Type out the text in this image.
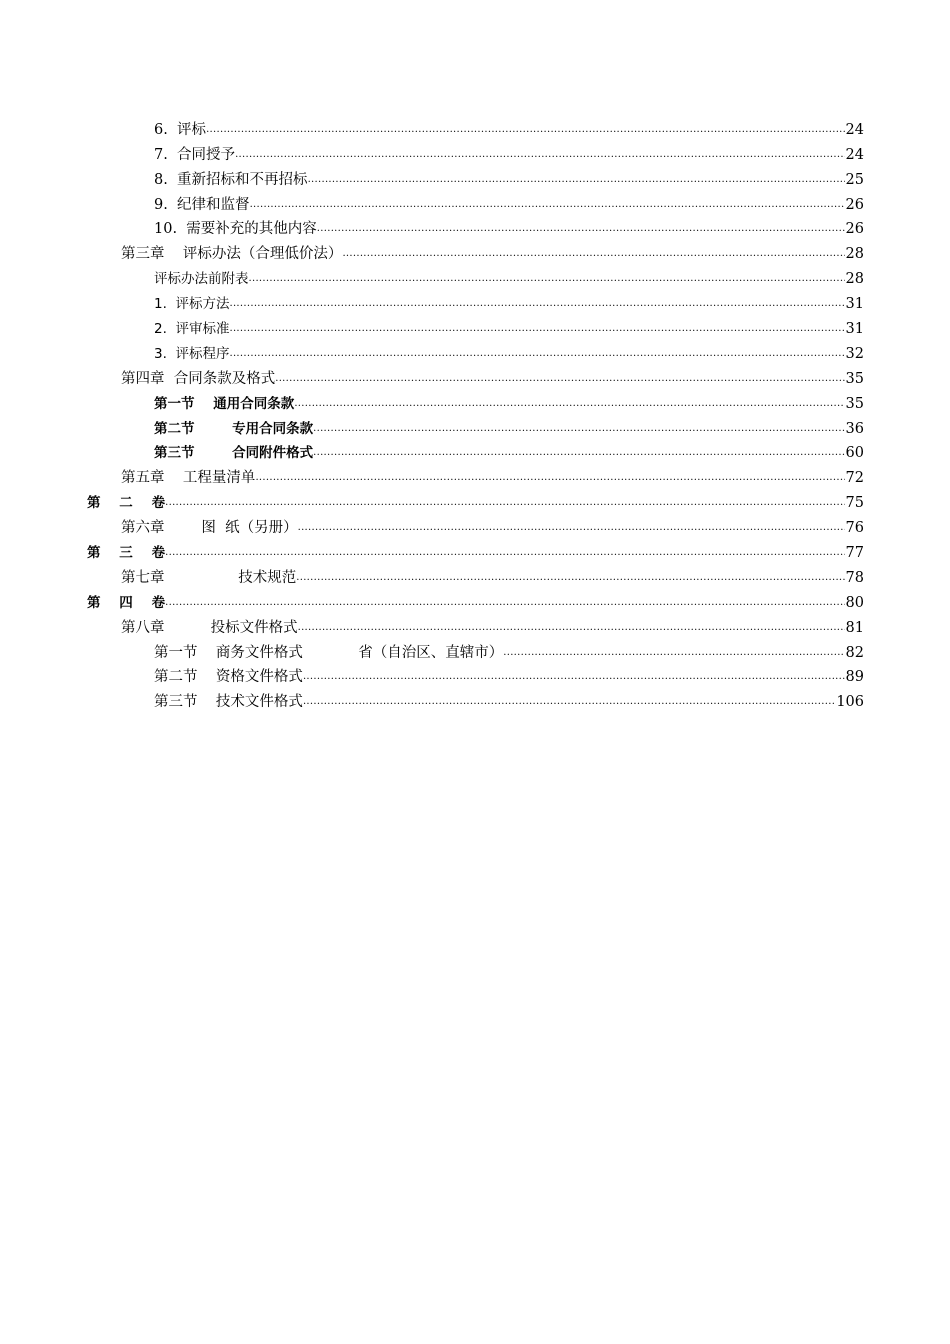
6.  评标 .....	24
7.  合同授予 .....	24
8.  重新招标和不再招标 .....	25
9.  纪律和监督 .....	26
10.  需要补充的其他内容 .....	26
第三章    评标办法（合理低价法） .....	28
评标办法前附表 .....	28
1.  评标方法 .....	31
2.  评审标准 .....	31
3.  评标程序 .....	32
第四章  合同条款及格式 .....	35
第一节    通用合同条款 .....	35
第二节        专用合同条款 .....	36
第三节        合同附件格式 .....	60
第五章    工程量清单 .....	72
第    二    卷 .....	75
第六章        图  纸（另册） .....	76
第    三    卷 .....	77
第七章                技术规范 .....	78
第    四    卷 .....	80
第八章          投标文件格式 .....	81
第一节    商务文件格式            省（自治区、直辖市） .....	82
第二节    资格文件格式 .....	89
第三节    技术文件格式 .....	106
